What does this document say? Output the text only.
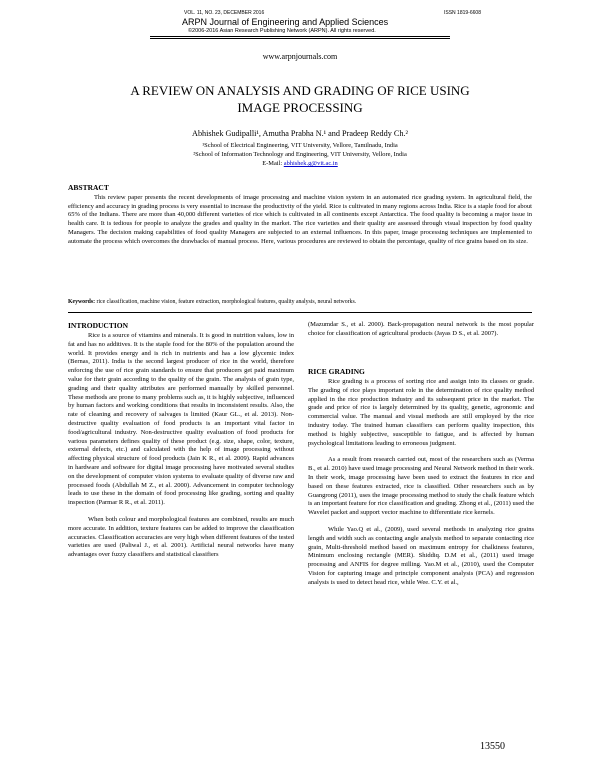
VOL. 11, NO. 23, DECEMBER 2016	ISSN 1819-6608
ARPN Journal of Engineering and Applied Sciences
©2006-2016 Asian Research Publishing Network (ARPN). All rights reserved.
www.arpnjournals.com
A REVIEW ON ANALYSIS AND GRADING OF RICE USING
IMAGE PROCESSING
Abhishek Gudipalli¹, Amutha Prabha N.¹ and Pradeep Reddy Ch.²
¹School of Electrical Engineering, VIT University, Vellore, Tamilnadu, India
²School of Information Technology and Engineering, VIT University, Vellore, India
E-Mail: abhishek.g@vit.ac.in
ABSTRACT
This review paper presents the recent developments of image processing and machine vision system in an automated rice grading system. In agricultural field, the efficiency and accuracy in grading process is very essential to increase the productivity of the yield. Rice is cultivated in many regions across India. Rice is a staple food for about 65% of the Indians. There are more than 40,000 different varieties of rice which is cultivated in all continents except Antarctica. The food quality is becoming a major issue in health care. It is tedious for people to analyze the grades and quality in the market. The rice varieties and their quality are assessed through visual inspection by food quality Managers. The decision making capabilities of food quality Managers are subjected to an external influences. In this paper, image processing techniques are implemented to automate the process which overcomes the drawbacks of manual process. Here, various procedures are reviewed to obtain the percentage, quality of rice grains based on its size.
Keywords: rice classification, machine vision, feature extraction, morphological features, quality analysis, neural networks.
INTRODUCTION

Rice is a source of vitamins and minerals. It is good in nutrition values, low in fat and has no additives. It is the staple food for the 80% of the population around the world. It provides energy and is rich in nutrients and has a low glycemic index (Bernas, 2011). India is the second largest producer of rice in the world, therefore enforcing the use of rice grain standards to ensure that producers get paid maximum value for their grain according to the quality of the grain. The analysis of grain type, grading and their quality attributes are performed manually by skilled personnel. These methods are prone to many problems such as, it is highly subjective, influenced by human factors and working conditions that results in inconsistent results. Also, the rate of cleaning and recovery of salvages is limited (Kaur GL., et al. 2013). Non-destructive quality evaluation of food products is an important vital factor in food/agricultural industry. Non-destructive quality evaluation of food products for various parameters defines quality of these product (e.g. size, shape, color, texture, external defects, etc.) and calculated with the help of image processing without affecting physical structure of food products (Jain K R., et al. 2009). Rapid advances in hardware and software for digital image processing have motivated several studies on the development of computer vision systems to evaluate quality of diverse raw and processed foods (Abdullah M Z., et al. 2000). Advancement in computer technology leads to use these in the domain of food processing like grading, sorting and quality inspection (Parmar R R., et al. 2011).

When both colour and morphological features are combined, results are much more accurate. In addition, texture features can be added to improve the classification accuracies. Classification accuracies are very high when different features of the tested varieties are used (Paliwal J., et al. 2001). Artificial neural networks have many advantages over fuzzy classifiers and statistical classifiers

(Mazumdar S., et al. 2000). Back-propagation neural network is the most popular choice for classification of agricultural products (Jayas D S., et al. 2007).
RICE GRADING

Rice grading is a process of sorting rice and assign into its classes or grade. The grading of rice plays important role in the determination of rice quality method applied in the rice production industry and its subsequent price in the market. The grade and price of rice is largely determined by its quality, genetic, agronomic and commercial value. The manual and visual methods are still employed by the rice industry today. The trained human classifiers can perform quality inspection, this method is highly subjective, susceptible to fatigue, and is affected by human psychological limitations leading to erroneous judgment.

As a result from research carried out, most of the researchers such as (Verma B., et al. 2010) have used image processing and Neural Network method in their work. In their work, image processing have been used to extract the features in rice and based on these features extracted, rice is classified. Other researchers such as by Guangrong (2011), uses the image processing method to study the chalk feature which is an important feature for rice classification and grading. Zhong et al., (2011) used the Wavelet packet and support vector machine to differentiate rice kernels.

While Yao.Q et al., (2009), used several methods in analyzing rice grains length and width such as contacting angle analysis method to separate contacting rice grain, Multi-threshold method based on maximum entropy for chalkiness features, Minimum enclosing rectangle (MER). Shiddiq. D.M et al., (2011) used image processing and ANFIS for degree milling. Yao.M et al., (2010), used the Computer Vision for capturing image and principle component analysis (PCA) and regression analysis is used to detect head rice, while Wee. C.Y. et al.,

13550
